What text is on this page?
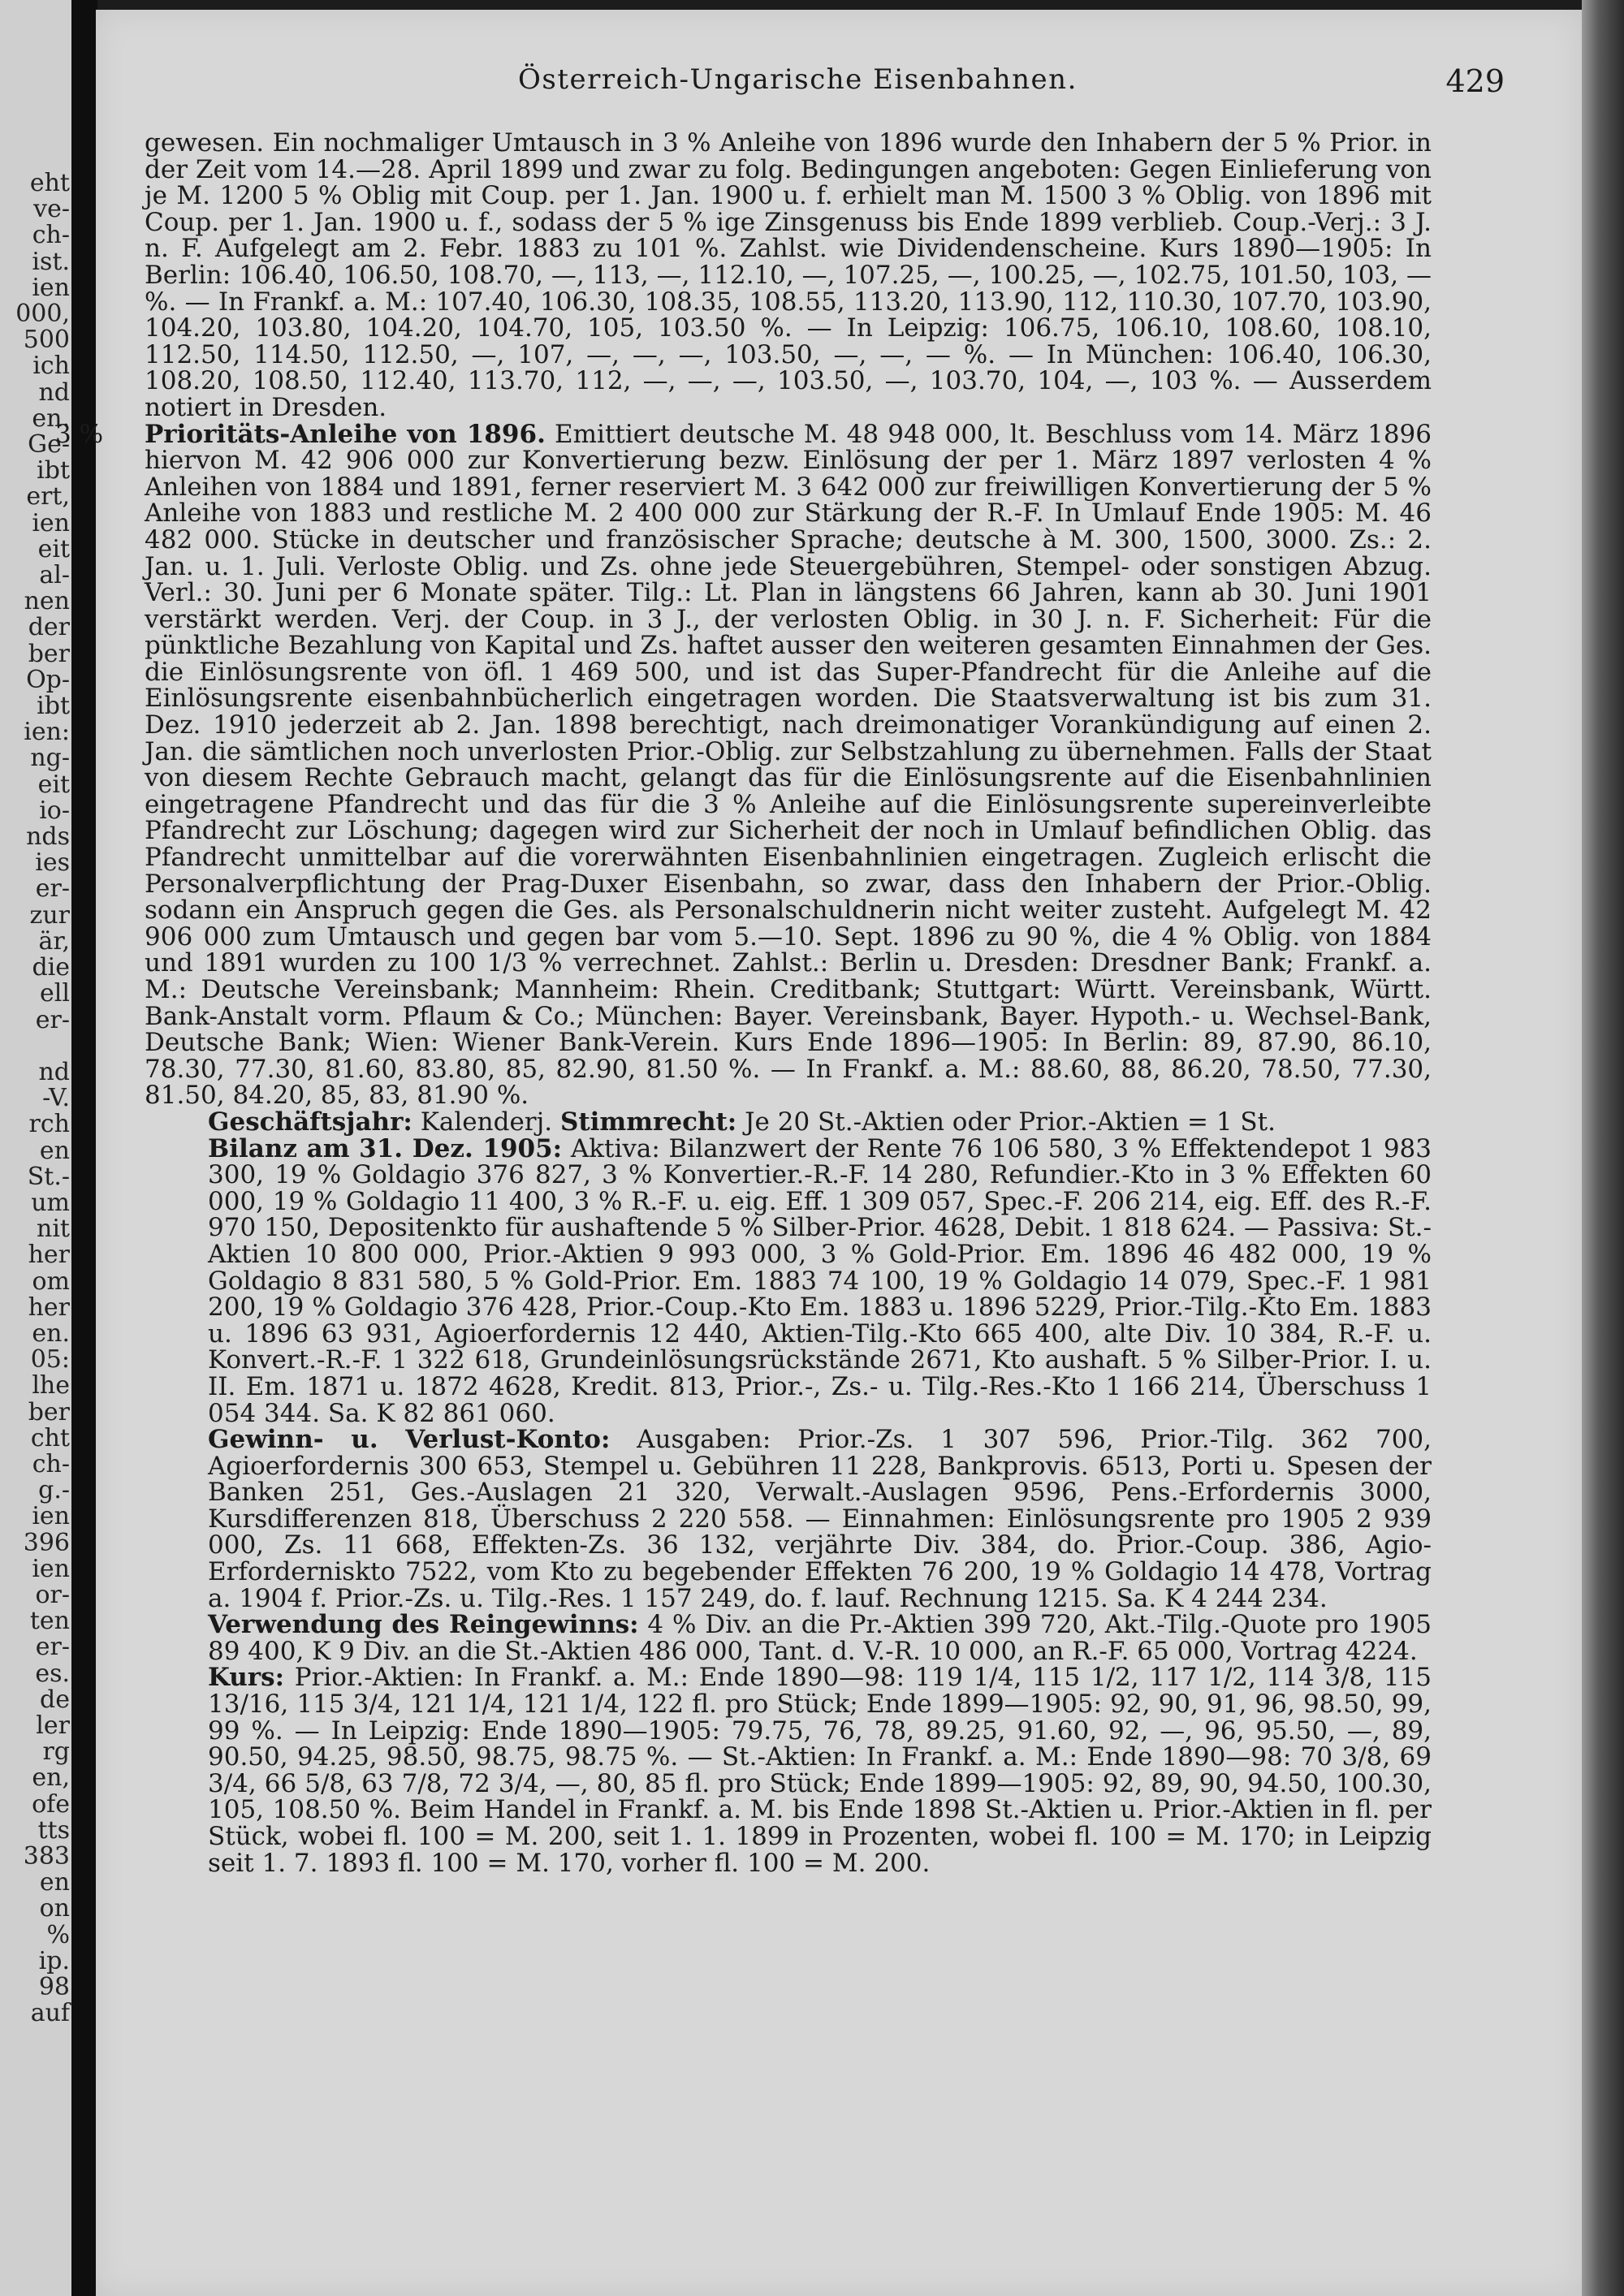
eht
ve-
ch-
ist.
ien
000,
500
ich
nd
en.
Ge-
ibt
ert,
ien
eit
al-
nen
der
ber
Op-
ibt
ien:
ng-
eit
io-
nds
ies
er-
zur
är,
die
ell
er-

nd
-V.
rch
en
St.-
um
nit
her
om
her
en.
05:
lhe
ber
cht
ch-
g.-
ien
396
ien
or-
ten
er-
es.
de
ler
rg
en,
ofe
tts
383
en
on
%
ip.
98
auf
Österreich-Ungarische Eisenbahnen.	429

gewesen. Ein nochmaliger Umtausch in 3 % Anleihe von 1896 wurde den Inhabern der 5 % Prior. in der Zeit vom 14.—28. April 1899 und zwar zu folg. Bedingungen angeboten: Gegen Einlieferung von je M. 1200 5 % Oblig mit Coup. per 1. Jan. 1900 u. f. erhielt man M. 1500 3 % Oblig. von 1896 mit Coup. per 1. Jan. 1900 u. f., sodass der 5 % ige Zinsgenuss bis Ende 1899 verblieb. Coup.-Verj.: 3 J. n. F. Aufgelegt am 2. Febr. 1883 zu 101 %. Zahlst. wie Dividendenscheine. Kurs 1890—1905: In Berlin: 106.40, 106.50, 108.70, —, 113, —, 112.10, —, 107.25, —, 100.25, —, 102.75, 101.50, 103, — %. — In Frankf. a. M.: 107.40, 106.30, 108.35, 108.55, 113.20, 113.90, 112, 110.30, 107.70, 103.90, 104.20, 103.80, 104.20, 104.70, 105, 103.50 %. — In Leipzig: 106.75, 106.10, 108.60, 108.10, 112.50, 114.50, 112.50, —, 107, —, —, —, 103.50, —, —, — %. — In München: 106.40, 106.30, 108.20, 108.50, 112.40, 113.70, 112, —, —, —, 103.50, —, 103.70, 104, —, 103 %. — Ausserdem notiert in Dresden.

3 % Prioritäts-Anleihe von 1896. Emittiert deutsche M. 48 948 000, lt. Beschluss vom 14. März 1896 hiervon M. 42 906 000 zur Konvertierung bezw. Einlösung der per 1. März 1897 verlosten 4 % Anleihen von 1884 und 1891, ferner reserviert M. 3 642 000 zur freiwilligen Konvertierung der 5 % Anleihe von 1883 und restliche M. 2 400 000 zur Stärkung der R.-F. In Umlauf Ende 1905: M. 46 482 000. Stücke in deutscher und französischer Sprache; deutsche à M. 300, 1500, 3000. Zs.: 2. Jan. u. 1. Juli. Verloste Oblig. und Zs. ohne jede Steuergebühren, Stempel- oder sonstigen Abzug. Verl.: 30. Juni per 6 Monate später. Tilg.: Lt. Plan in längstens 66 Jahren, kann ab 30. Juni 1901 verstärkt werden. Verj. der Coup. in 3 J., der verlosten Oblig. in 30 J. n. F. Sicherheit: Für die pünktliche Bezahlung von Kapital und Zs. haftet ausser den weiteren gesamten Einnahmen der Ges. die Einlösungsrente von öfl. 1 469 500, und ist das Super-Pfandrecht für die Anleihe auf die Einlösungsrente eisenbahnbücherlich eingetragen worden. Die Staatsverwaltung ist bis zum 31. Dez. 1910 jederzeit ab 2. Jan. 1898 berechtigt, nach dreimonatiger Vorankündigung auf einen 2. Jan. die sämtlichen noch unverlosten Prior.-Oblig. zur Selbstzahlung zu übernehmen. Falls der Staat von diesem Rechte Gebrauch macht, gelangt das für die Einlösungsrente auf die Eisenbahnlinien eingetragene Pfandrecht und das für die 3 % Anleihe auf die Einlösungsrente supereinverleibte Pfandrecht zur Löschung; dagegen wird zur Sicherheit der noch in Umlauf befindlichen Oblig. das Pfandrecht unmittelbar auf die vorerwähnten Eisenbahnlinien eingetragen. Zugleich erlischt die Personalverpflichtung der Prag-Duxer Eisenbahn, so zwar, dass den Inhabern der Prior.-Oblig. sodann ein Anspruch gegen die Ges. als Personalschuldnerin nicht weiter zusteht. Aufgelegt M. 42 906 000 zum Umtausch und gegen bar vom 5.—10. Sept. 1896 zu 90 %, die 4 % Oblig. von 1884 und 1891 wurden zu 100 1/3 % verrechnet. Zahlst.: Berlin u. Dresden: Dresdner Bank; Frankf. a. M.: Deutsche Vereinsbank; Mannheim: Rhein. Creditbank; Stuttgart: Württ. Vereinsbank, Württ. Bank-Anstalt vorm. Pflaum & Co.; München: Bayer. Vereinsbank, Bayer. Hypoth.- u. Wechsel-Bank, Deutsche Bank; Wien: Wiener Bank-Verein. Kurs Ende 1896—1905: In Berlin: 89, 87.90, 86.10, 78.30, 77.30, 81.60, 83.80, 85, 82.90, 81.50 %. — In Frankf. a. M.: 88.60, 88, 86.20, 78.50, 77.30, 81.50, 84.20, 85, 83, 81.90 %.

Geschäftsjahr: Kalenderj. Stimmrecht: Je 20 St.-Aktien oder Prior.-Aktien = 1 St.

Bilanz am 31. Dez. 1905: Aktiva: Bilanzwert der Rente 76 106 580, 3 % Effektendepot 1 983 300, 19 % Goldagio 376 827, 3 % Konvertier.-R.-F. 14 280, Refundier.-Kto in 3 % Effekten 60 000, 19 % Goldagio 11 400, 3 % R.-F. u. eig. Eff. 1 309 057, Spec.-F. 206 214, eig. Eff. des R.-F. 970 150, Depositenkto für aushaftende 5 % Silber-Prior. 4628, Debit. 1 818 624. — Passiva: St.-Aktien 10 800 000, Prior.-Aktien 9 993 000, 3 % Gold-Prior. Em. 1896 46 482 000, 19 % Goldagio 8 831 580, 5 % Gold-Prior. Em. 1883 74 100, 19 % Goldagio 14 079, Spec.-F. 1 981 200, 19 % Goldagio 376 428, Prior.-Coup.-Kto Em. 1883 u. 1896 5229, Prior.-Tilg.-Kto Em. 1883 u. 1896 63 931, Agioerfordernis 12 440, Aktien-Tilg.-Kto 665 400, alte Div. 10 384, R.-F. u. Konvert.-R.-F. 1 322 618, Grundeinlösungsrückstände 2671, Kto aushaft. 5 % Silber-Prior. I. u. II. Em. 1871 u. 1872 4628, Kredit. 813, Prior.-, Zs.- u. Tilg.-Res.-Kto 1 166 214, Überschuss 1 054 344. Sa. K 82 861 060.

Gewinn- u. Verlust-Konto: Ausgaben: Prior.-Zs. 1 307 596, Prior.-Tilg. 362 700, Agioerfordernis 300 653, Stempel u. Gebühren 11 228, Bankprovis. 6513, Porti u. Spesen der Banken 251, Ges.-Auslagen 21 320, Verwalt.-Auslagen 9596, Pens.-Erfordernis 3000, Kursdifferenzen 818, Überschuss 2 220 558. — Einnahmen: Einlösungsrente pro 1905 2 939 000, Zs. 11 668, Effekten-Zs. 36 132, verjährte Div. 384, do. Prior.-Coup. 386, Agio-Erforderniskto 7522, vom Kto zu begebender Effekten 76 200, 19 % Goldagio 14 478, Vortrag a. 1904 f. Prior.-Zs. u. Tilg.-Res. 1 157 249, do. f. lauf. Rechnung 1215. Sa. K 4 244 234.

Verwendung des Reingewinns: 4 % Div. an die Pr.-Aktien 399 720, Akt.-Tilg.-Quote pro 1905 89 400, K 9 Div. an die St.-Aktien 486 000, Tant. d. V.-R. 10 000, an R.-F. 65 000, Vortrag 4224.

Kurs: Prior.-Aktien: In Frankf. a. M.: Ende 1890—98: 119 1/4, 115 1/2, 117 1/2, 114 3/8, 115 13/16, 115 3/4, 121 1/4, 121 1/4, 122 fl. pro Stück; Ende 1899—1905: 92, 90, 91, 96, 98.50, 99, 99 %. — In Leipzig: Ende 1890—1905: 79.75, 76, 78, 89.25, 91.60, 92, —, 96, 95.50, —, 89, 90.50, 94.25, 98.50, 98.75, 98.75 %. — St.-Aktien: In Frankf. a. M.: Ende 1890—98: 70 3/8, 69 3/4, 66 5/8, 63 7/8, 72 3/4, —, 80, 85 fl. pro Stück; Ende 1899—1905: 92, 89, 90, 94.50, 100.30, 105, 108.50 %. Beim Handel in Frankf. a. M. bis Ende 1898 St.-Aktien u. Prior.-Aktien in fl. per Stück, wobei fl. 100 = M. 200, seit 1. 1. 1899 in Prozenten, wobei fl. 100 = M. 170; in Leipzig seit 1. 7. 1893 fl. 100 = M. 170, vorher fl. 100 = M. 200.
